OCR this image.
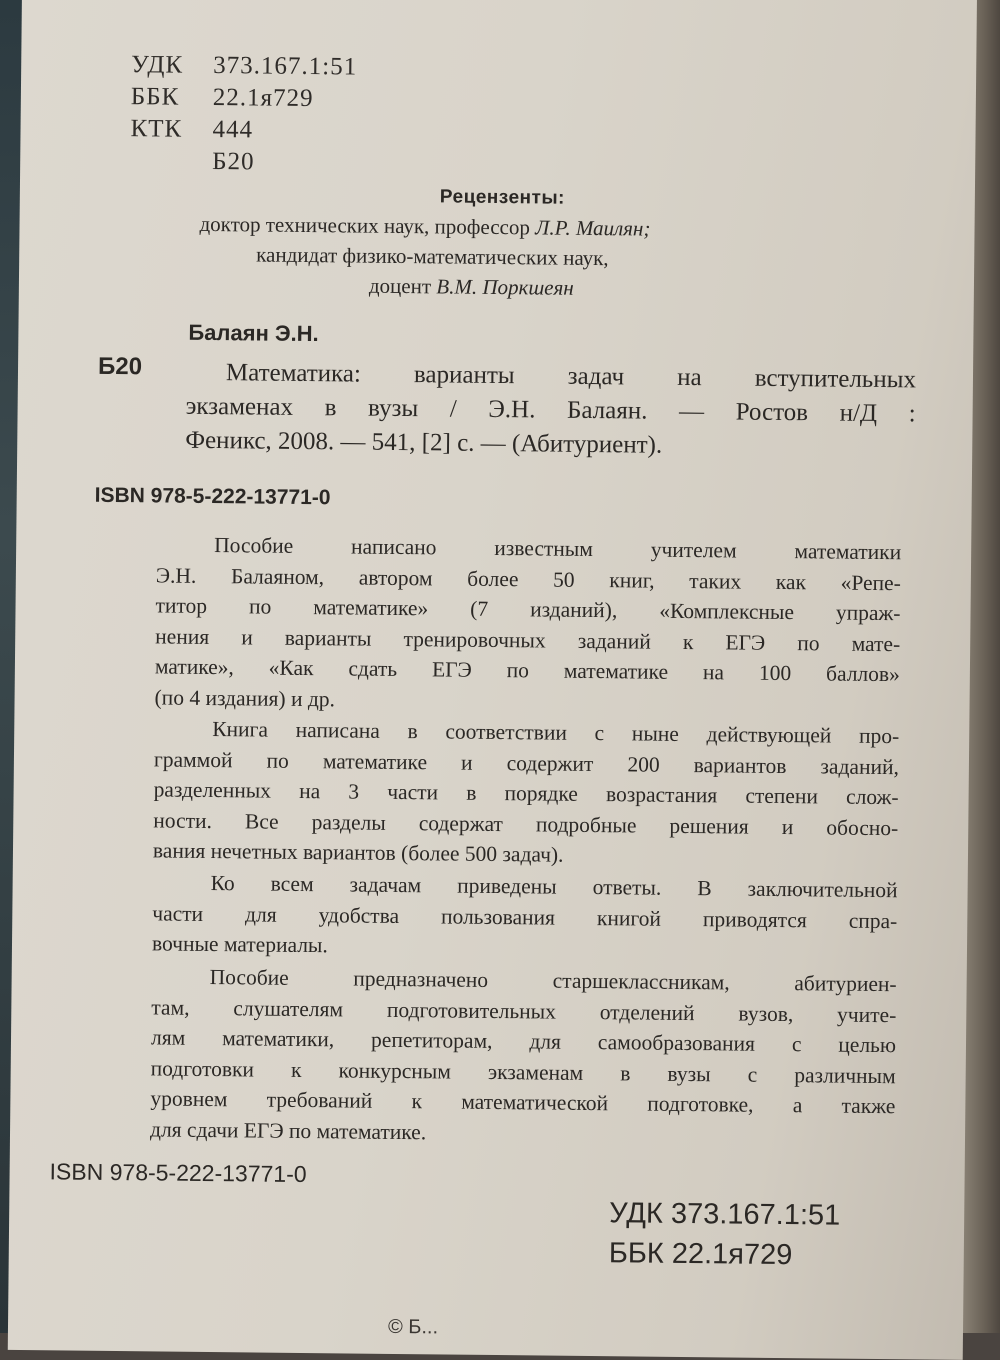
УДК 373.167.1:51
ББК 22.1я729
КТК 444
Б20
Рецензенты:
доктор технических наук, профессор Л.Р. Маилян;
кандидат физико-математических наук,
доцент В.М. Поркшеян
Балаян Э.Н.
Б20	Математика: варианты задач на вступительных
экзаменах в вузы / Э.Н. Балаян. — Ростов н/Д :
Феникс, 2008. — 541, [2] с. — (Абитуриент).
ISBN 978-5-222-13771-0

Пособие написано известным учителем математики
Э.Н. Балаяном, автором более 50 книг, таких как «Репе-
титор по математике» (7 изданий), «Комплексные упраж-
нения и варианты тренировочных заданий к ЕГЭ по мате-
матике», «Как сдать ЕГЭ по математике на 100 баллов»
(по 4 издания) и др.

Книга написана в соответствии с ныне действующей про-
граммой по математике и содержит 200 вариантов заданий,
разделенных на 3 части в порядке возрастания степени слож-
ности. Все разделы содержат подробные решения и обосно-
вания нечетных вариантов (более 500 задач).

Ко всем задачам приведены ответы. В заключительной
части для удобства пользования книгой приводятся спра-
вочные материалы.

Пособие предназначено старшеклассникам, абитуриен-
там, слушателям подготовительных отделений вузов, учите-
лям математики, репетиторам, для самообразования с целью
подготовки к конкурсным экзаменам в вузы с различным
уровнем требований к математической подготовке, а также
для сдачи ЕГЭ по математике.

ISBN 978-5-222-13771-0
УДК 373.167.1:51
ББК 22.1я729
© Б...
